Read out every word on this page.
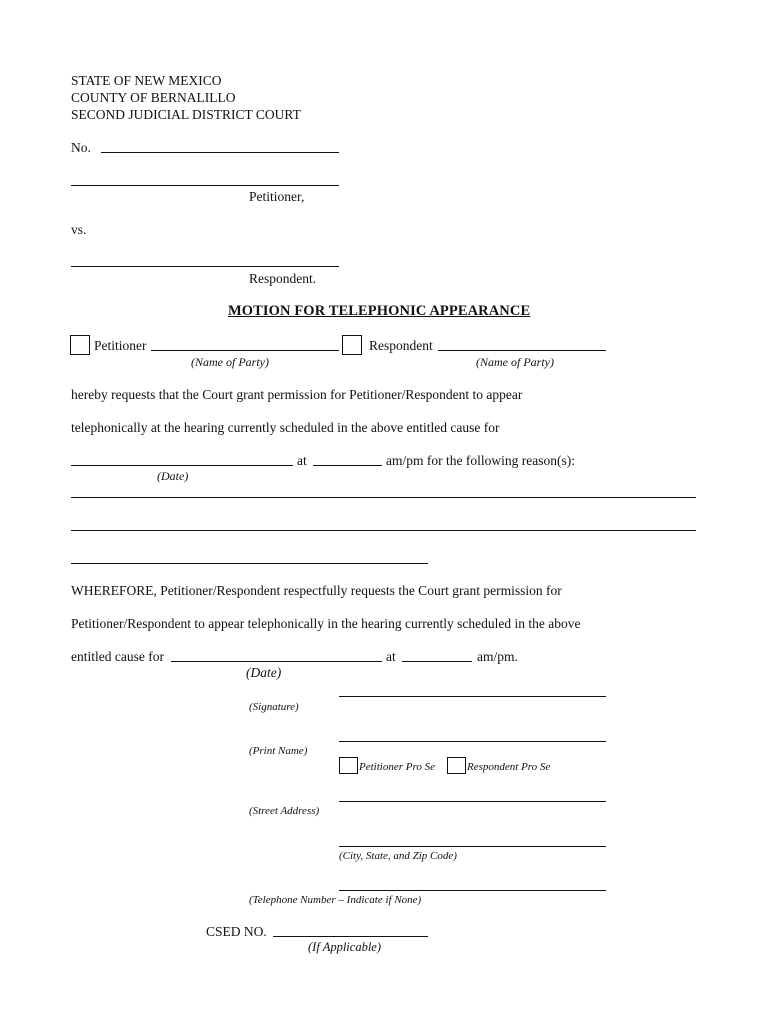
STATE OF NEW MEXICO
COUNTY OF BERNALILLO
SECOND JUDICIAL DISTRICT COURT
No.
Petitioner,
vs.
Respondent.
MOTION FOR TELEPHONIC APPEARANCE
Petitioner
(Name of Party)
Respondent
(Name of Party)
hereby requests that the Court grant permission for Petitioner/Respondent to appear
telephonically at the hearing currently scheduled in the above entitled cause for
at	am/pm for the following reason(s):
(Date)
WHEREFORE, Petitioner/Respondent respectfully requests the Court grant permission for
Petitioner/Respondent to appear telephonically in the hearing currently scheduled in the above
entitled cause for	at	am/pm.
(Date)
(Signature)
(Print Name)
Petitioner Pro Se	Respondent Pro Se
(Street Address)
(City, State, and Zip Code)
(Telephone Number – Indicate if None)
CSED NO.
(If Applicable)
